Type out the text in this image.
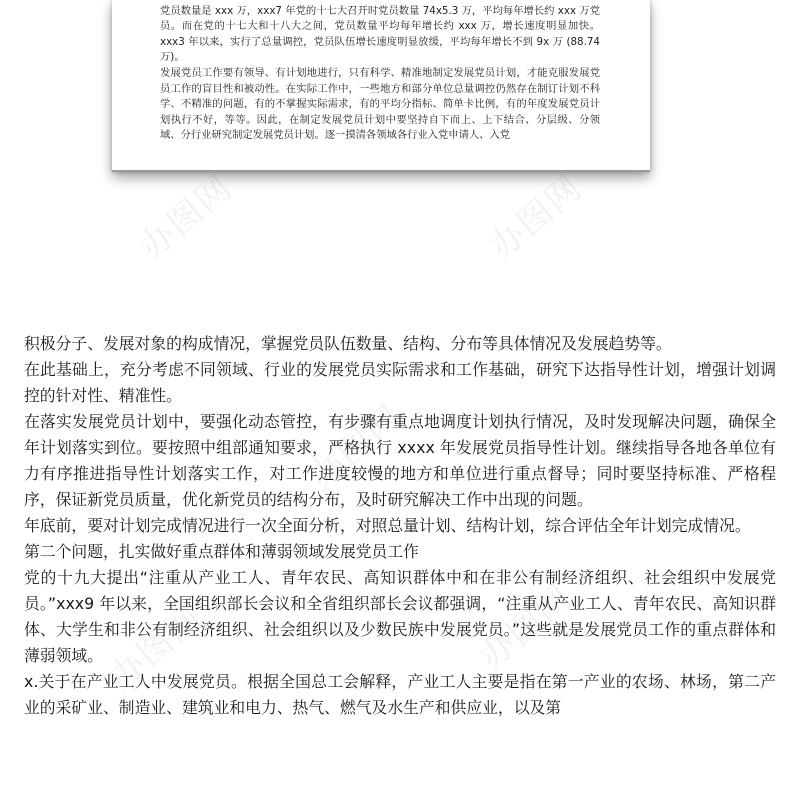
办图网	办图网
办图网
办图网	办图网

党员数量是 xxx 万，xxx7 年党的十七大召开时党员数量 74x5.3 万，平均每年增长约 xxx 万党员。而在党的十七大和十八大之间，党员数量平均每年增长约 xxx 万，增长速度明显加快。xxx3 年以来，实行了总量调控，党员队伍增长速度明显放缓，平均每年增长不到 9x 万 (88.74 万)。

发展党员工作要有领导、有计划地进行，只有科学、精准地制定发展党员计划，才能克服发展党员工作的盲目性和被动性。在实际工作中，一些地方和部分单位总量调控仍然存在制订计划不科学、不精准的问题，有的不掌握实际需求，有的平均分指标、简单卡比例，有的年度发展党员计划执行不好，等等。因此，在制定发展党员计划中要坚持自下而上、上下结合、分层级、分领域、分行业研究制定发展党员计划。逐一摸清各领域各行业入党申请人、入党

积极分子、发展对象的构成情况，掌握党员队伍数量、结构、分布等具体情况及发展趋势等。

在此基础上，充分考虑不同领域、行业的发展党员实际需求和工作基础，研究下达指导性计划，增强计划调控的针对性、精准性。

在落实发展党员计划中，要强化动态管控，有步骤有重点地调度计划执行情况，及时发现解决问题，确保全年计划落实到位。要按照中组部通知要求，严格执行 xxxx 年发展党员指导性计划。继续指导各地各单位有力有序推进指导性计划落实工作，对工作进度较慢的地方和单位进行重点督导；同时要坚持标准、严格程序，保证新党员质量，优化新党员的结构分布，及时研究解决工作中出现的问题。

年底前，要对计划完成情况进行一次全面分析，对照总量计划、结构计划，综合评估全年计划完成情况。

第二个问题，扎实做好重点群体和薄弱领域发展党员工作

党的十九大提出“注重从产业工人、青年农民、高知识群体中和在非公有制经济组织、社会组织中发展党员。”xxx9 年以来，全国组织部长会议和全省组织部长会议都强调，“注重从产业工人、青年农民、高知识群体、大学生和非公有制经济组织、社会组织以及少数民族中发展党员。”这些就是发展党员工作的重点群体和薄弱领域。

x.关于在产业工人中发展党员。根据全国总工会解释，产业工人主要是指在第一产业的农场、林场，第二产业的采矿业、制造业、建筑业和电力、热气、燃气及水生产和供应业，以及第
